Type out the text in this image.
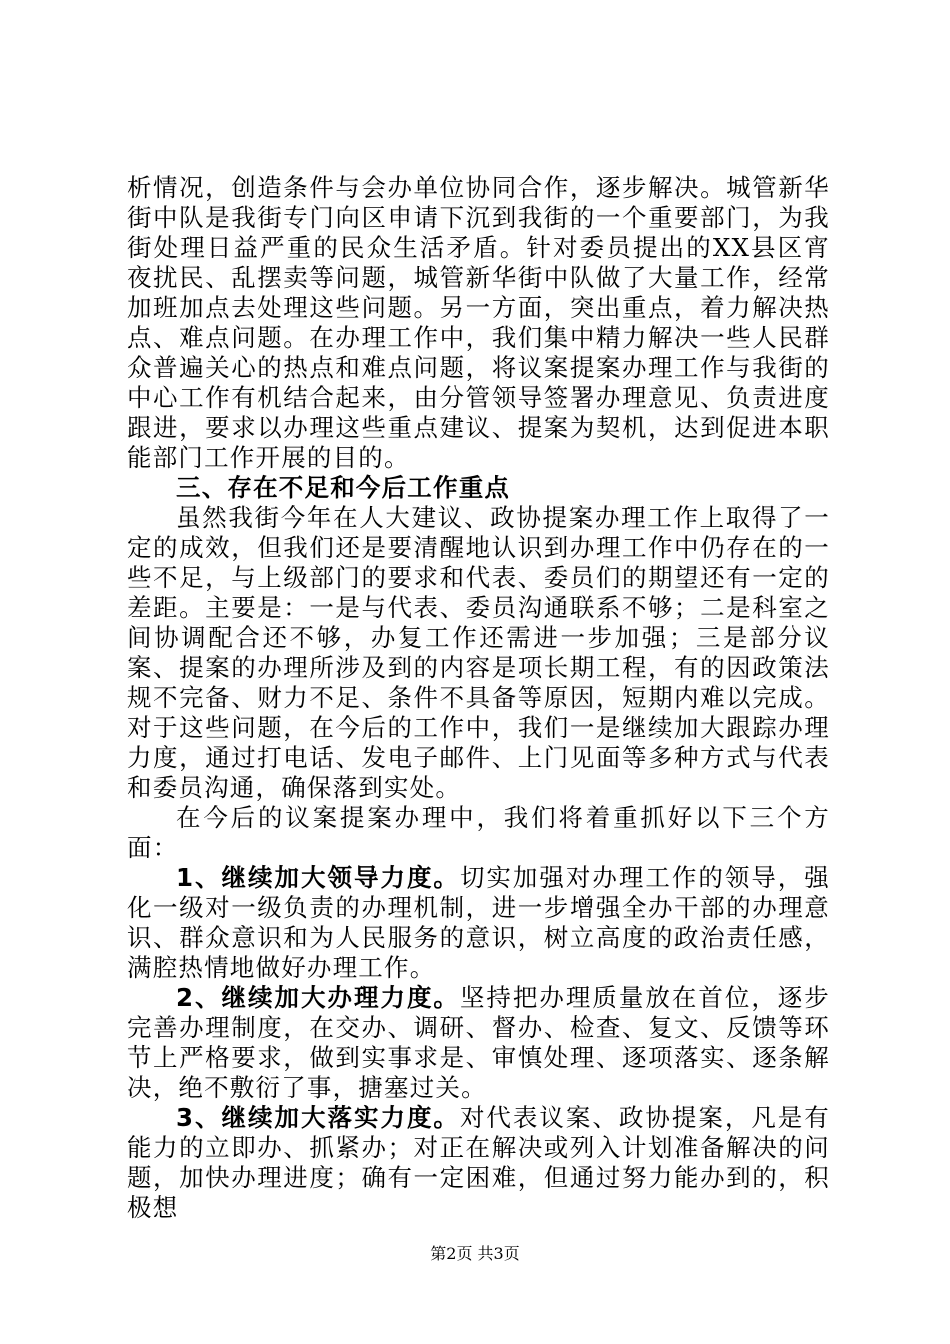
析情况，创造条件与会办单位协同合作，逐步解决。城管新华街中队是我街专门向区申请下沉到我街的一个重要部门，为我街处理日益严重的民众生活矛盾。针对委员提出的XX县区宵夜扰民、乱摆卖等问题，城管新华街中队做了大量工作，经常加班加点去处理这些问题。另一方面，突出重点，着力解决热点、难点问题。在办理工作中，我们集中精力解决一些人民群众普遍关心的热点和难点问题，将议案提案办理工作与我街的中心工作有机结合起来，由分管领导签署办理意见、负责进度跟进，要求以办理这些重点建议、提案为契机，达到促进本职能部门工作开展的目的。

三、存在不足和今后工作重点

虽然我街今年在人大建议、政协提案办理工作上取得了一定的成效，但我们还是要清醒地认识到办理工作中仍存在的一些不足，与上级部门的要求和代表、委员们的期望还有一定的差距。主要是：一是与代表、委员沟通联系不够；二是科室之间协调配合还不够，办复工作还需进一步加强；三是部分议案、提案的办理所涉及到的内容是项长期工程，有的因政策法规不完备、财力不足、条件不具备等原因，短期内难以完成。对于这些问题，在今后的工作中，我们一是继续加大跟踪办理力度，通过打电话、发电子邮件、上门见面等多种方式与代表和委员沟通，确保落到实处。

在今后的议案提案办理中，我们将着重抓好以下三个方面：

1、继续加大领导力度。切实加强对办理工作的领导，强化一级对一级负责的办理机制，进一步增强全办干部的办理意识、群众意识和为人民服务的意识，树立高度的政治责任感，满腔热情地做好办理工作。

2、继续加大办理力度。坚持把办理质量放在首位，逐步完善办理制度，在交办、调研、督办、检查、复文、反馈等环节上严格要求，做到实事求是、审慎处理、逐项落实、逐条解决，绝不敷衍了事，搪塞过关。

3、继续加大落实力度。对代表议案、政协提案，凡是有能力的立即办、抓紧办；对正在解决或列入计划准备解决的问题，加快办理进度；确有一定困难，但通过努力能办到的，积极想

第2页 共3页
